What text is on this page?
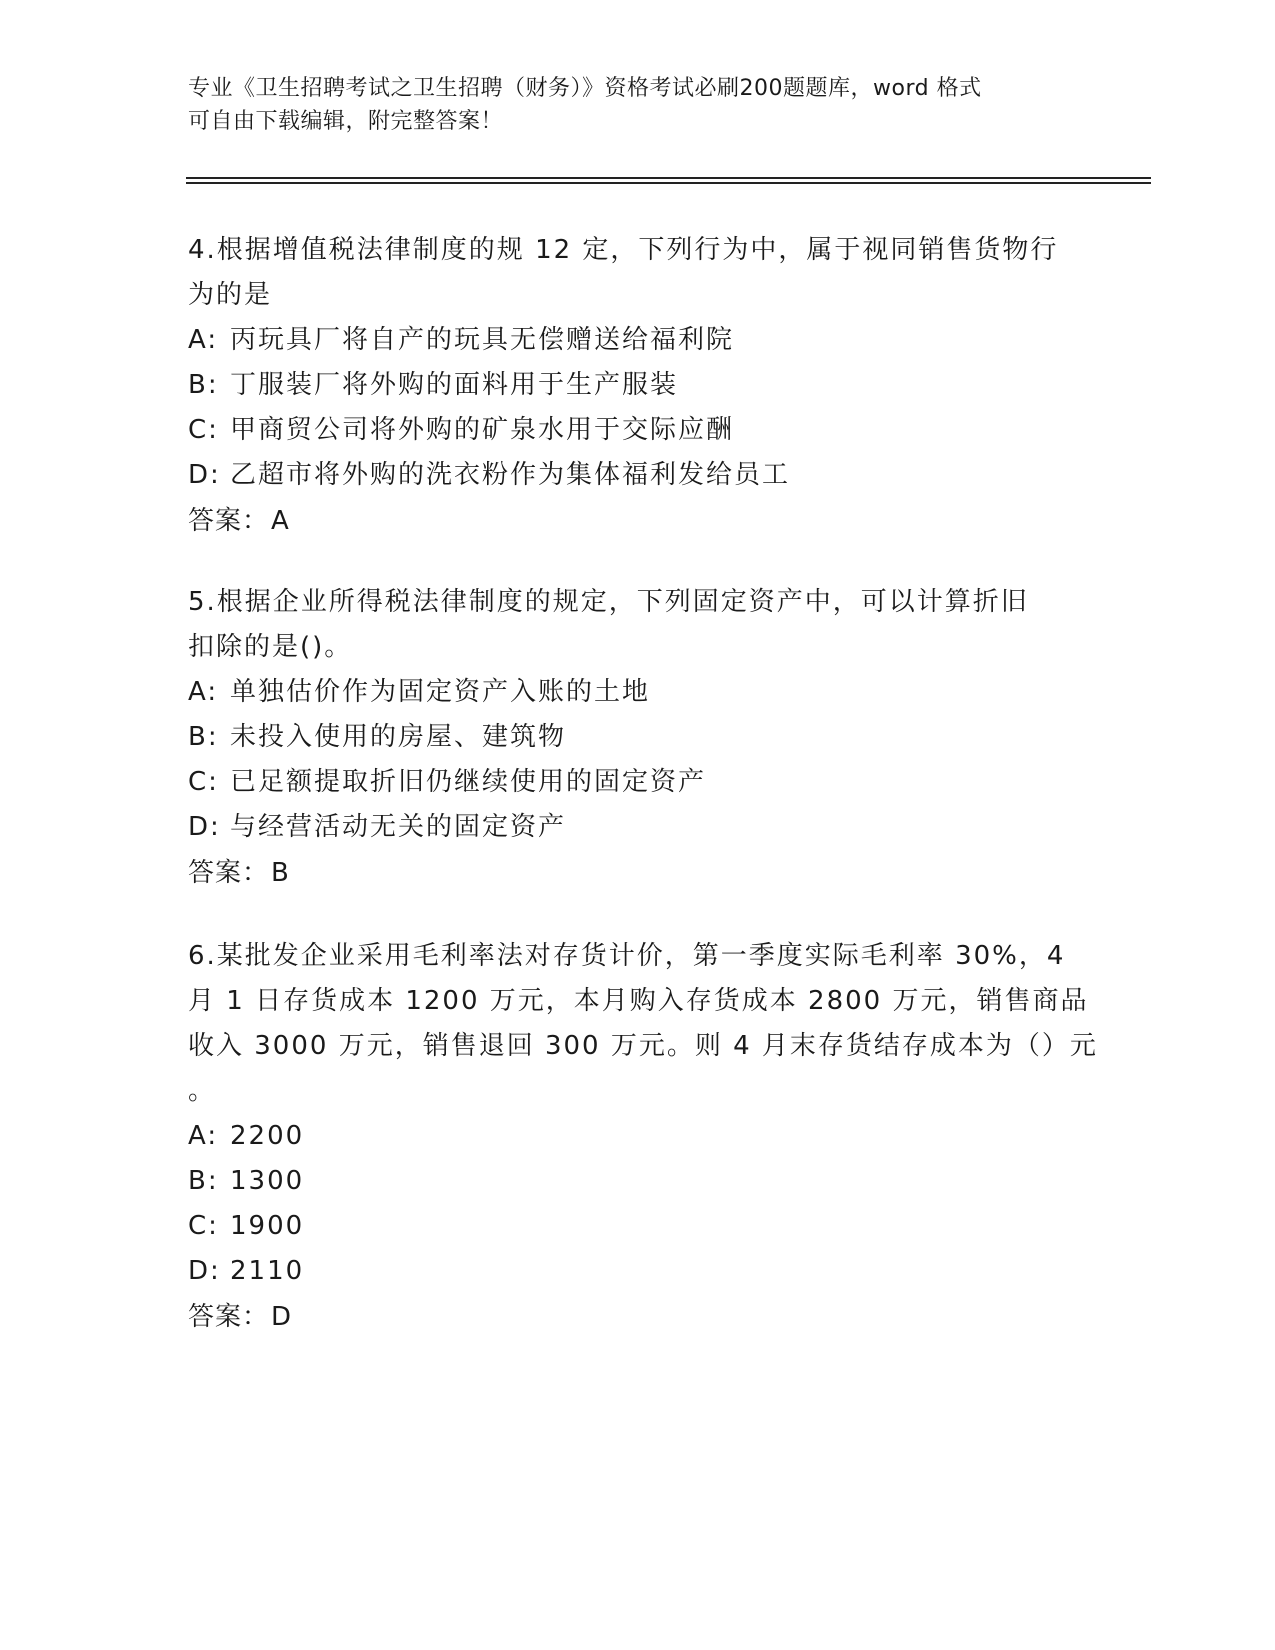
专业《卫生招聘考试之卫生招聘（财务）》资格考试必刷200题题库，word 格式
可自由下载编辑，附完整答案！
4.根据增值税法律制度的规 12 定，下列行为中，属于视同销售货物行
为的是
A: 丙玩具厂将自产的玩具无偿赠送给福利院
B: 丁服装厂将外购的面料用于生产服装
C: 甲商贸公司将外购的矿泉水用于交际应酬
D: 乙超市将外购的洗衣粉作为集体福利发给员工
答案：A
5.根据企业所得税法律制度的规定，下列固定资产中，可以计算折旧
扣除的是()。
A: 单独估价作为固定资产入账的土地
B: 未投入使用的房屋、建筑物
C: 已足额提取折旧仍继续使用的固定资产
D: 与经营活动无关的固定资产
答案：B
6.某批发企业采用毛利率法对存货计价，第一季度实际毛利率 30%，4
月 1 日存货成本 1200 万元，本月购入存货成本 2800 万元，销售商品
收入 3000 万元，销售退回 300 万元。则 4 月末存货结存成本为（）元
。
A: 2200
B: 1300
C: 1900
D: 2110
答案：D
